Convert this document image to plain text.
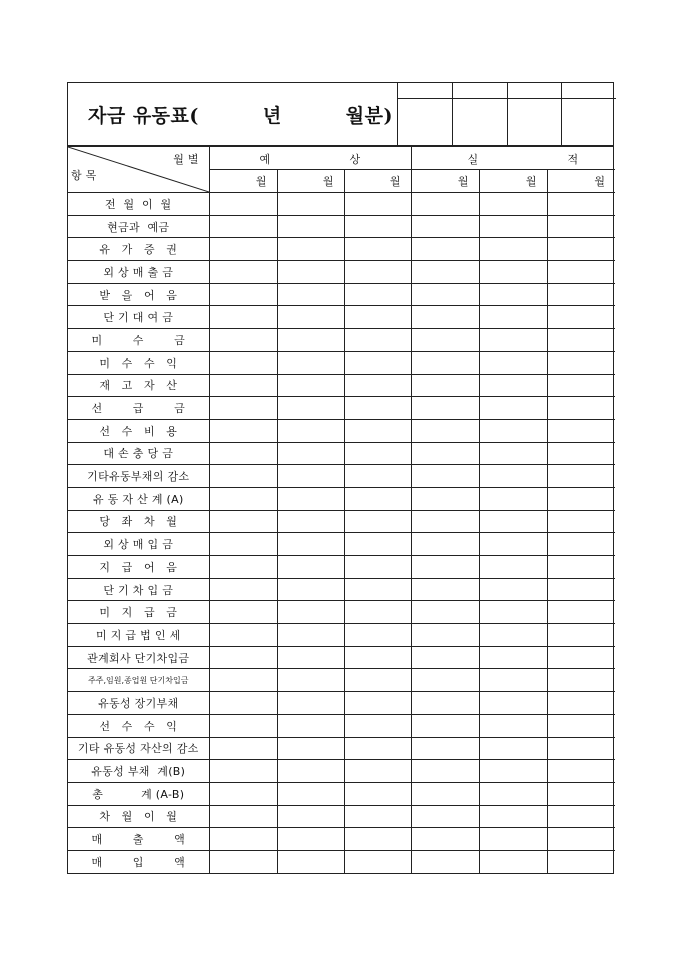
자금 유동표(         년         월분)
월별
항목	예 상			실 적		

	월	월	월	월	월	월
전  월  이  월						
현금과  예금						
유   가   증   권						
외 상 매 출 금						
받   을   어   음						
단 기 대 여 금						
미        수        금						
미   수   수   익						
재   고   자   산						
선        급        금						
선   수   비   용						
대 손 충 당 금						
기타유동부채의 감소						
유 동 자 산 계 (A)						
당   좌   차   월						
외 상 매 입 금						
지   급   어   음						
단 기 차 입 금						
미   지   급   금						
미 지 급 법 인 세						
관계회사 단기차입금						
주주,임원,종업원 단기차입금						
유동성 장기부채						
선   수   수   익						
기타 유동성 자산의 감소						
유동성 부채  계(B)						
총          계 (A-B)						
차   월   이   월						
매        출        액						
매        입        액						
